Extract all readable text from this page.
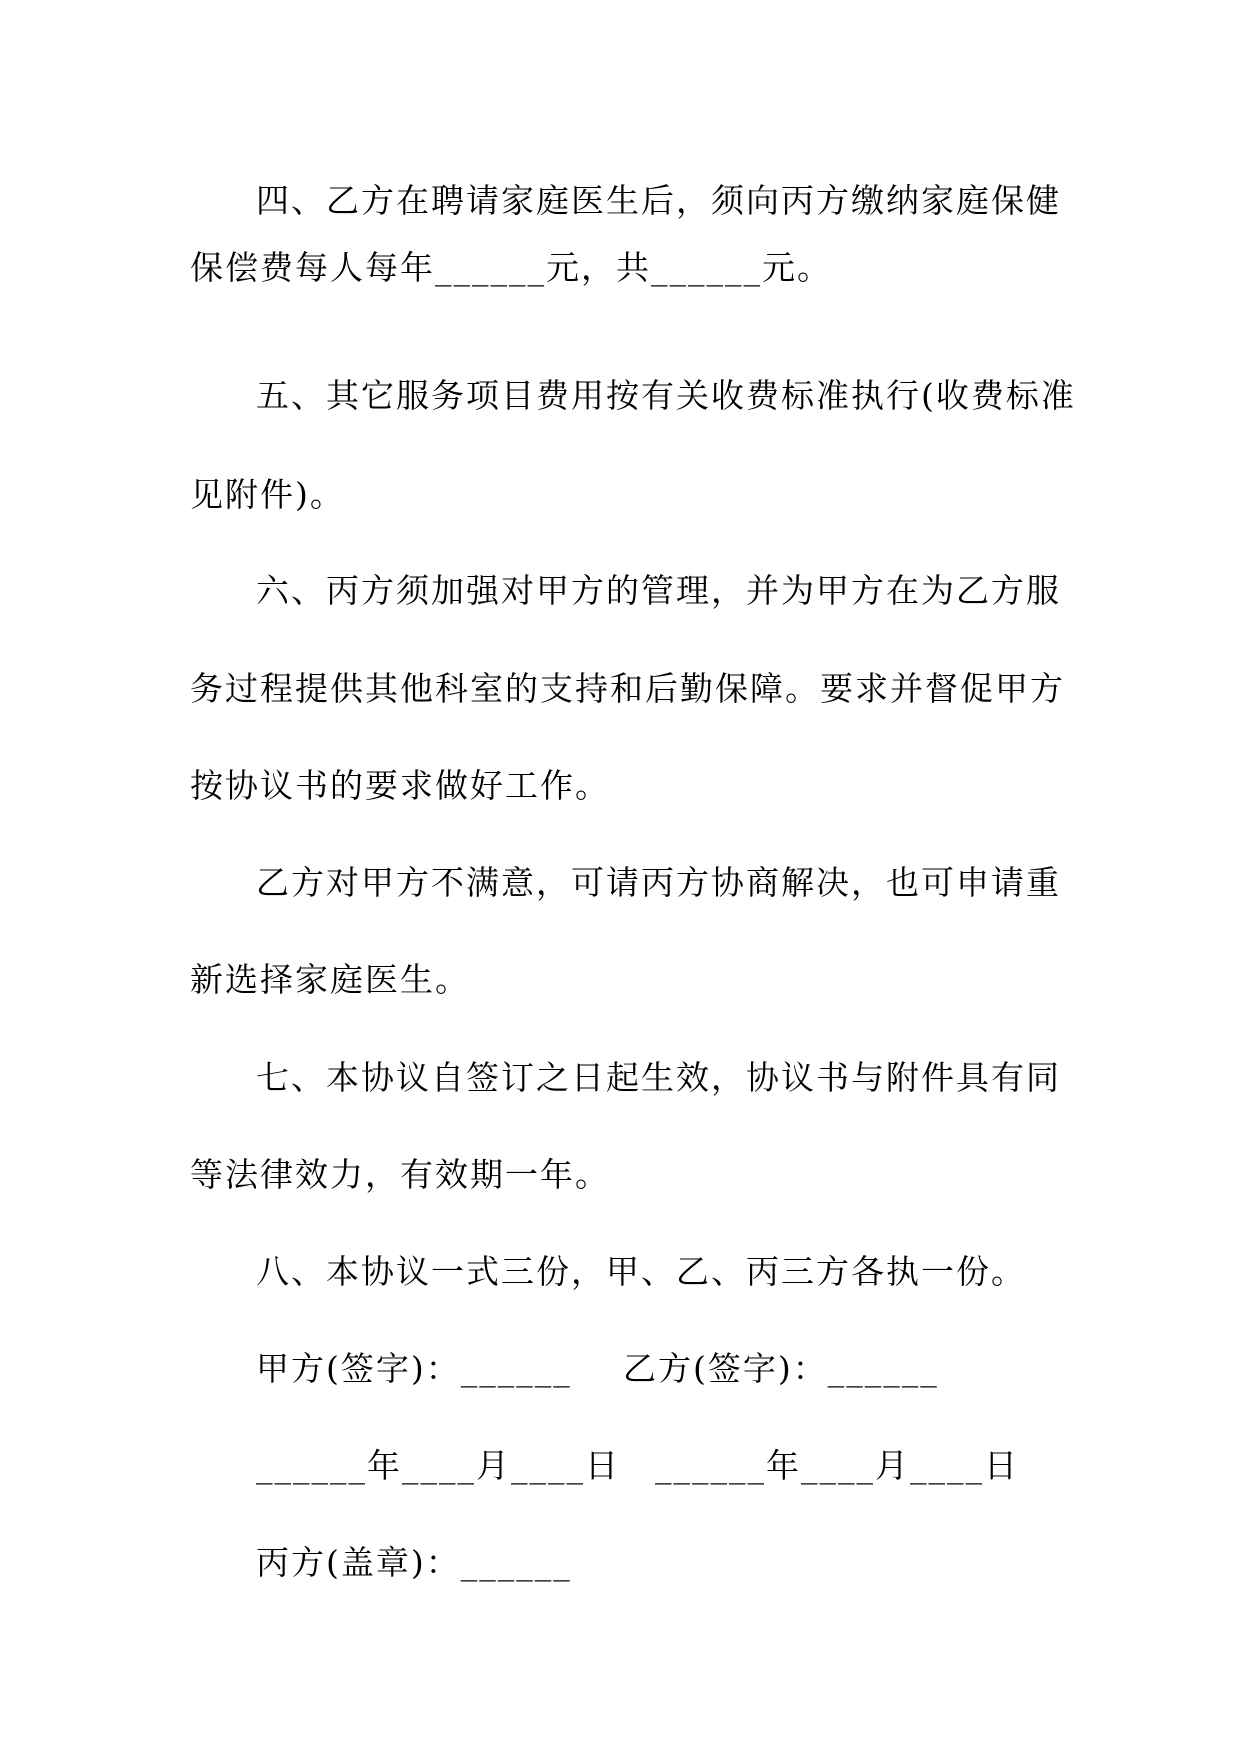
四、乙方在聘请家庭医生后，须向丙方缴纳家庭保健
保偿费每人每年______元，共______元。
五、其它服务项目费用按有关收费标准执行(收费标准
见附件)。
六、丙方须加强对甲方的管理，并为甲方在为乙方服
务过程提供其他科室的支持和后勤保障。要求并督促甲方
按协议书的要求做好工作。
乙方对甲方不满意，可请丙方协商解决，也可申请重
新选择家庭医生。
七、本协议自签订之日起生效，协议书与附件具有同
等法律效力，有效期一年。
八、本协议一式三份，甲、乙、丙三方各执一份。
甲方(签字)：______	乙方(签字)：______
______年____月____日	______年____月____日
丙方(盖章)：______
